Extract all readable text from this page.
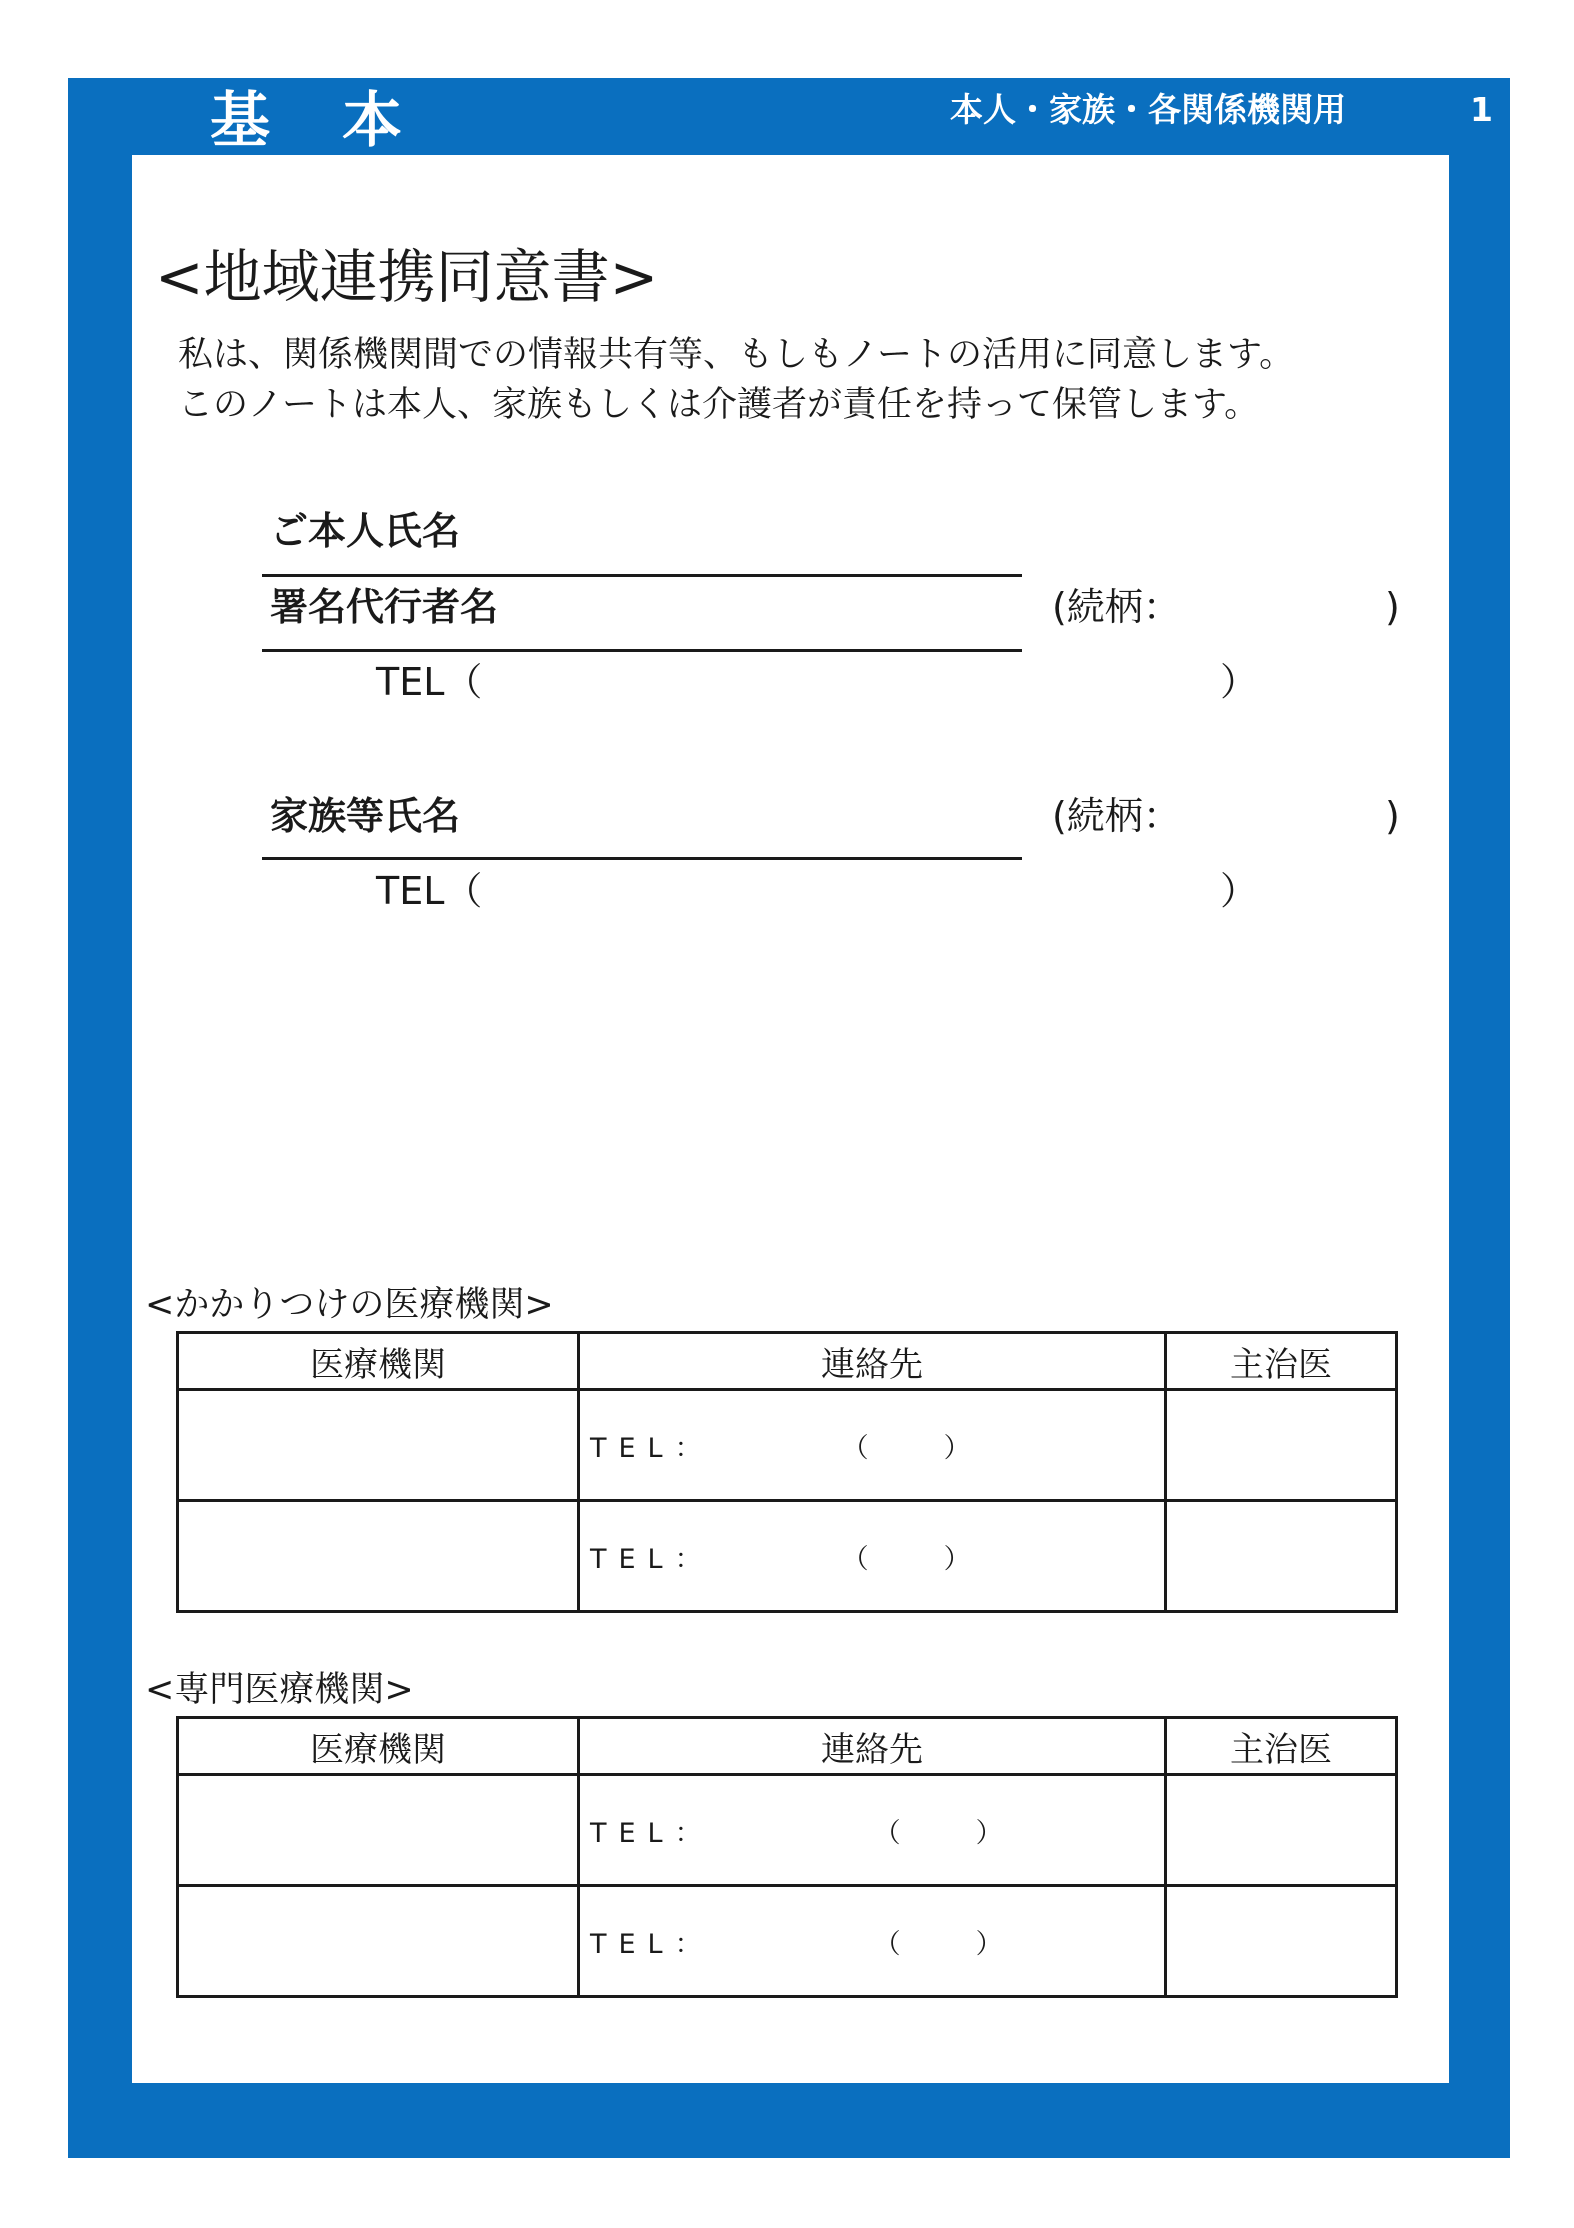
基本	本人・家族・各関係機関用	1
<地域連携同意書>
私は、関係機関間での情報共有等、もしもノートの活用に同意します。
このノートは本人、家族もしくは介護者が責任を持って保管します。
ご本人氏名
署名代行者名	(続柄：	)
TEL（	）
家族等氏名	(続柄：	)
TEL（	）
<かかりつけの医療機関>
医療機関	連絡先	主治医
	TEL： （ ）	

	TEL： （ ）	

<専門医療機関>
医療機関	連絡先	主治医
	TEL： （ ）	

	TEL： （ ）	
